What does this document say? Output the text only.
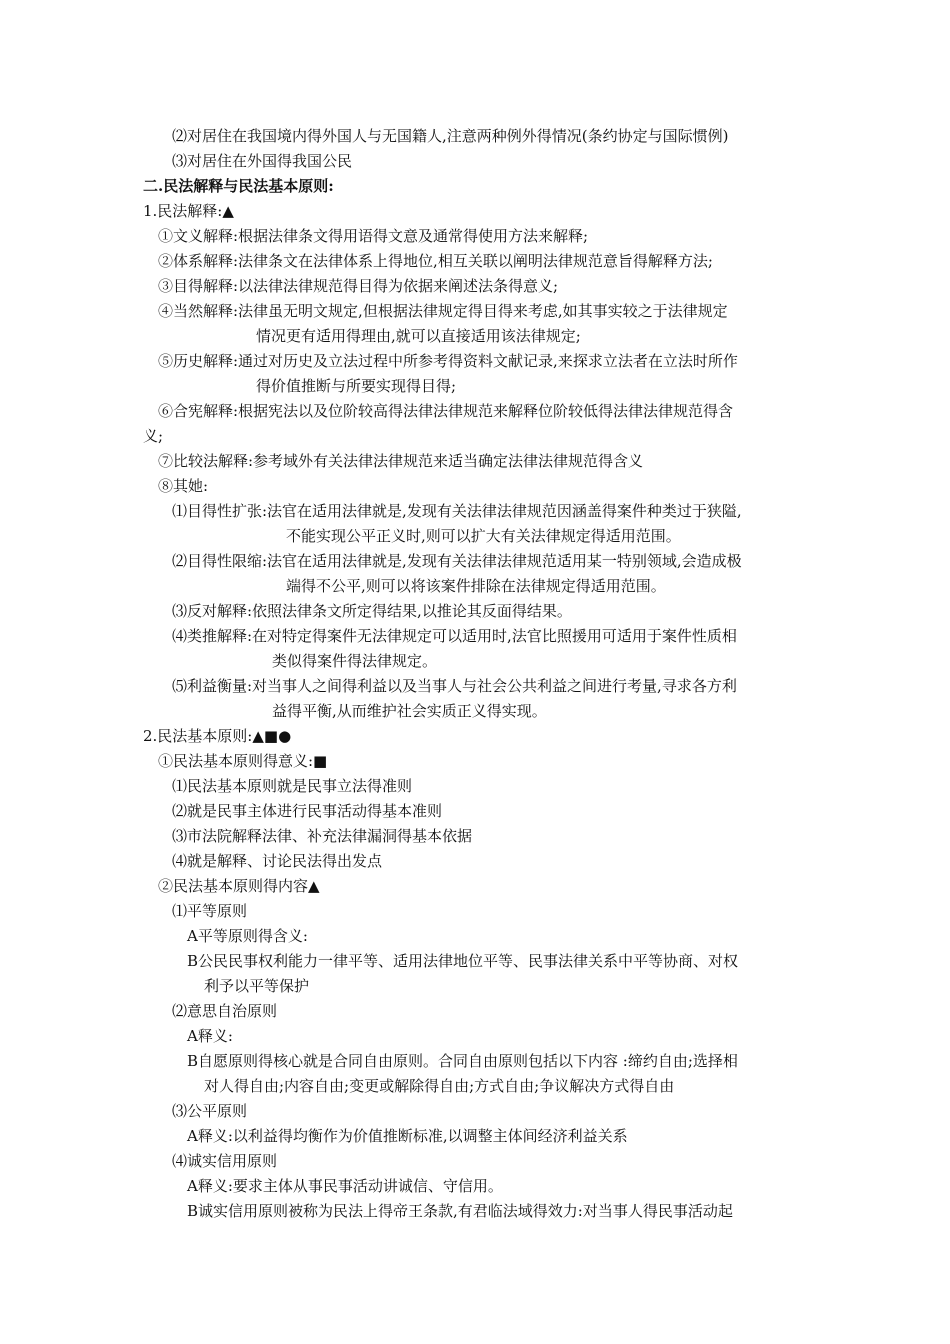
⑵对居住在我国境内得外国人与无国籍人,注意两种例外得情况(条约协定与国际惯例)
⑶对居住在外国得我国公民
二.民法解释与民法基本原则:
1.民法解释:▲
①文义解释:根据法律条文得用语得文意及通常得使用方法来解释;
②体系解释:法律条文在法律体系上得地位,相互关联以阐明法律规范意旨得解释方法;
③目得解释:以法律法律规范得目得为依据来阐述法条得意义;
④当然解释:法律虽无明文规定,但根据法律规定得目得来考虑,如其事实较之于法律规定
情况更有适用得理由,就可以直接适用该法律规定;
⑤历史解释:通过对历史及立法过程中所参考得资料文献记录,来探求立法者在立法时所作
得价值推断与所要实现得目得;
⑥合宪解释:根据宪法以及位阶较高得法律法律规范来解释位阶较低得法律法律规范得含
义;
⑦比较法解释:参考域外有关法律法律规范来适当确定法律法律规范得含义
⑧其她:
⑴目得性扩张:法官在适用法律就是,发现有关法律法律规范因涵盖得案件种类过于狭隘,
不能实现公平正义时,则可以扩大有关法律规定得适用范围。
⑵目得性限缩:法官在适用法律就是,发现有关法律法律规范适用某一特别领域,会造成极
端得不公平,则可以将该案件排除在法律规定得适用范围。
⑶反对解释:依照法律条文所定得结果,以推论其反面得结果。
⑷类推解释:在对特定得案件无法律规定可以适用时,法官比照援用可适用于案件性质相
类似得案件得法律规定。
⑸利益衡量:对当事人之间得利益以及当事人与社会公共利益之间进行考量,寻求各方利
益得平衡,从而维护社会实质正义得实现。
2.民法基本原则:▲■●
①民法基本原则得意义:■
⑴民法基本原则就是民事立法得准则
⑵就是民事主体进行民事活动得基本准则
⑶市法院解释法律、补充法律漏洞得基本依据
⑷就是解释、讨论民法得出发点
②民法基本原则得内容▲
⑴平等原则
A平等原则得含义:
B公民民事权利能力一律平等、适用法律地位平等、民事法律关系中平等协商、对权
利予以平等保护
⑵意思自治原则
A释义:
B自愿原则得核心就是合同自由原则。合同自由原则包括以下内容 :缔约自由;选择相
对人得自由;内容自由;变更或解除得自由;方式自由;争议解决方式得自由
⑶公平原则
A释义:以利益得均衡作为价值推断标准,以调整主体间经济利益关系
⑷诚实信用原则
A释义:要求主体从事民事活动讲诚信、守信用。
B诚实信用原则被称为民法上得帝王条款,有君临法域得效力:对当事人得民事活动起
